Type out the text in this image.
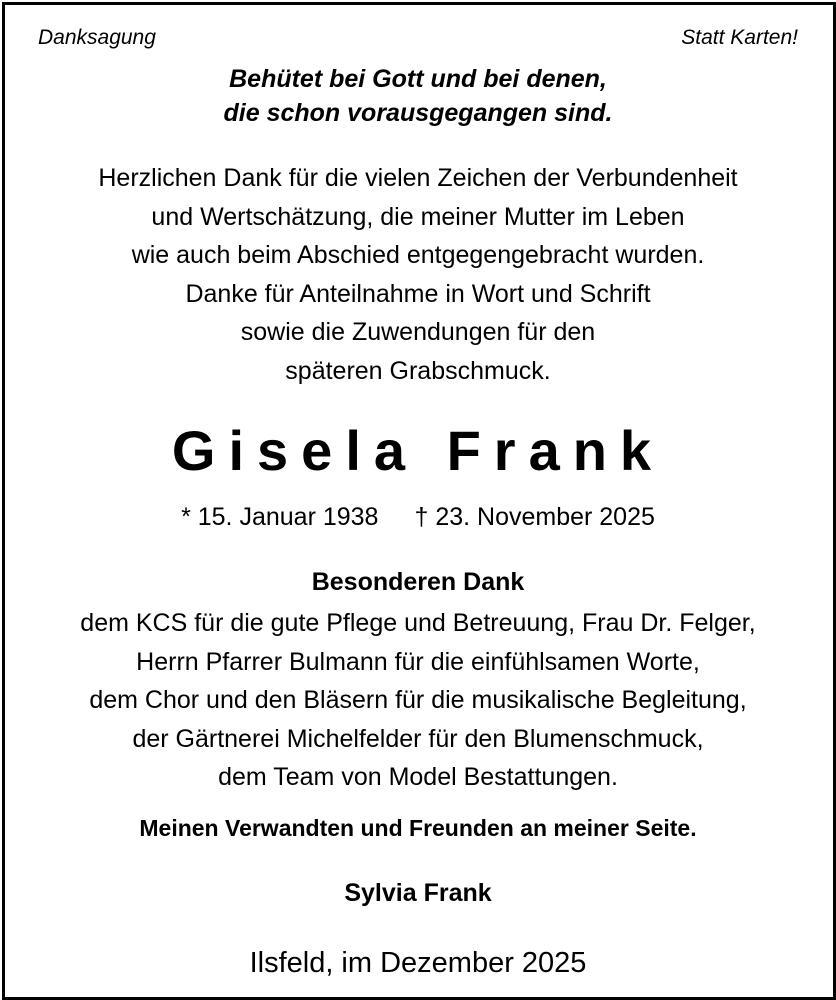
Danksagung	Statt Karten!
Behütet bei Gott und bei denen,
die schon vorausgegangen sind.
Herzlichen Dank für die vielen Zeichen der Verbundenheit
und Wertschätzung, die meiner Mutter im Leben
wie auch beim Abschied entgegengebracht wurden.
Danke für Anteilnahme in Wort und Schrift
sowie die Zuwendungen für den
späteren Grabschmuck.
Gisela Frank
* 15. Januar 1938 † 23. November 2025
Besonderen Dank
dem KCS für die gute Pflege und Betreuung, Frau Dr. Felger,
Herrn Pfarrer Bulmann für die einfühlsamen Worte,
dem Chor und den Bläsern für die musikalische Begleitung,
der Gärtnerei Michelfelder für den Blumenschmuck,
dem Team von Model Bestattungen.
Meinen Verwandten und Freunden an meiner Seite.
Sylvia Frank
Ilsfeld, im Dezember 2025
